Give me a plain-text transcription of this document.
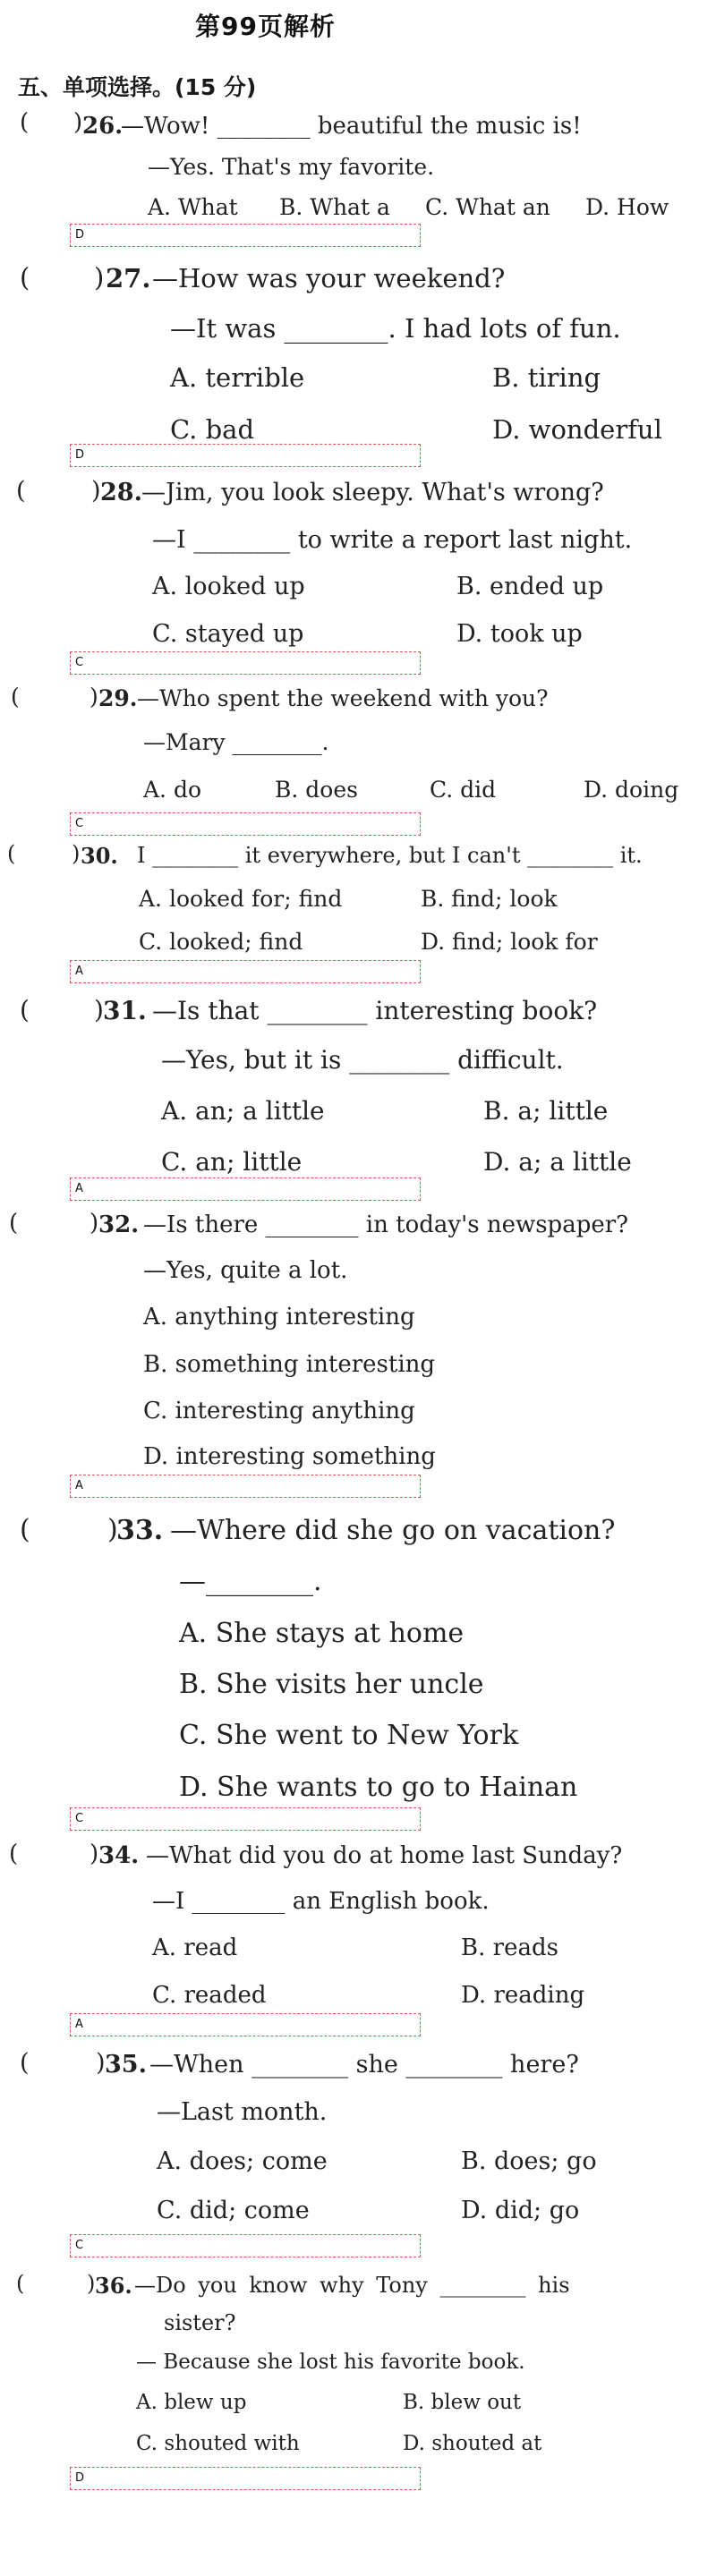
第99页解析
五、单项选择。(15 分)
( ) 26.
—Wow! ________ beautiful the music is!
—Yes. That's my favorite.
A. What B. What a C. What an D. How
D
( ) 27. —How was your weekend?
—It was ________. I had lots of fun.
A. terrible	B. tiring
C. bad	D. wonderful
D
(	) 28. —Jim, you look sleepy. What's wrong?
—I ________ to write a report last night.
A. looked up	B. ended up
C. stayed up	D. took up
C
(	) 29. —Who spent the weekend with you?
—Mary ________.
A. do	B. does	C. did	D. doing
C
(	) 30. I ________ it everywhere, but I can't ________ it.
A. looked for; find	B. find; look
C. looked; find	D. find; look for
A
(	) 31. —Is that ________ interesting book?
—Yes, but it is ________ difficult.
A. an; a little	B. a; little
C. an; little	D. a; a little
A
(	) 32. —Is there ________ in today's newspaper?
—Yes, quite a lot.
A. anything interesting
B. something interesting
C. interesting anything
D. interesting something
A
(	)
33. —Where did she go on vacation?
—________.
A. She stays at home
B. She visits her uncle
C. She went to New York
D. She wants to go to Hainan
C
(	) 34. —What did you do at home last Sunday?
—I ________ an English book.
A. read	B. reads
C. readed	D. reading
A
(	) 35. —When ________ she ________ here?
—Last month.
A. does; come	B. does; go
C. did; come	D. did; go
C
(	) 36. —Do you know why Tony ________ his
sister?
— Because she lost his favorite book.
A. blew up	B. blew out
C. shouted with	D. shouted at
D
